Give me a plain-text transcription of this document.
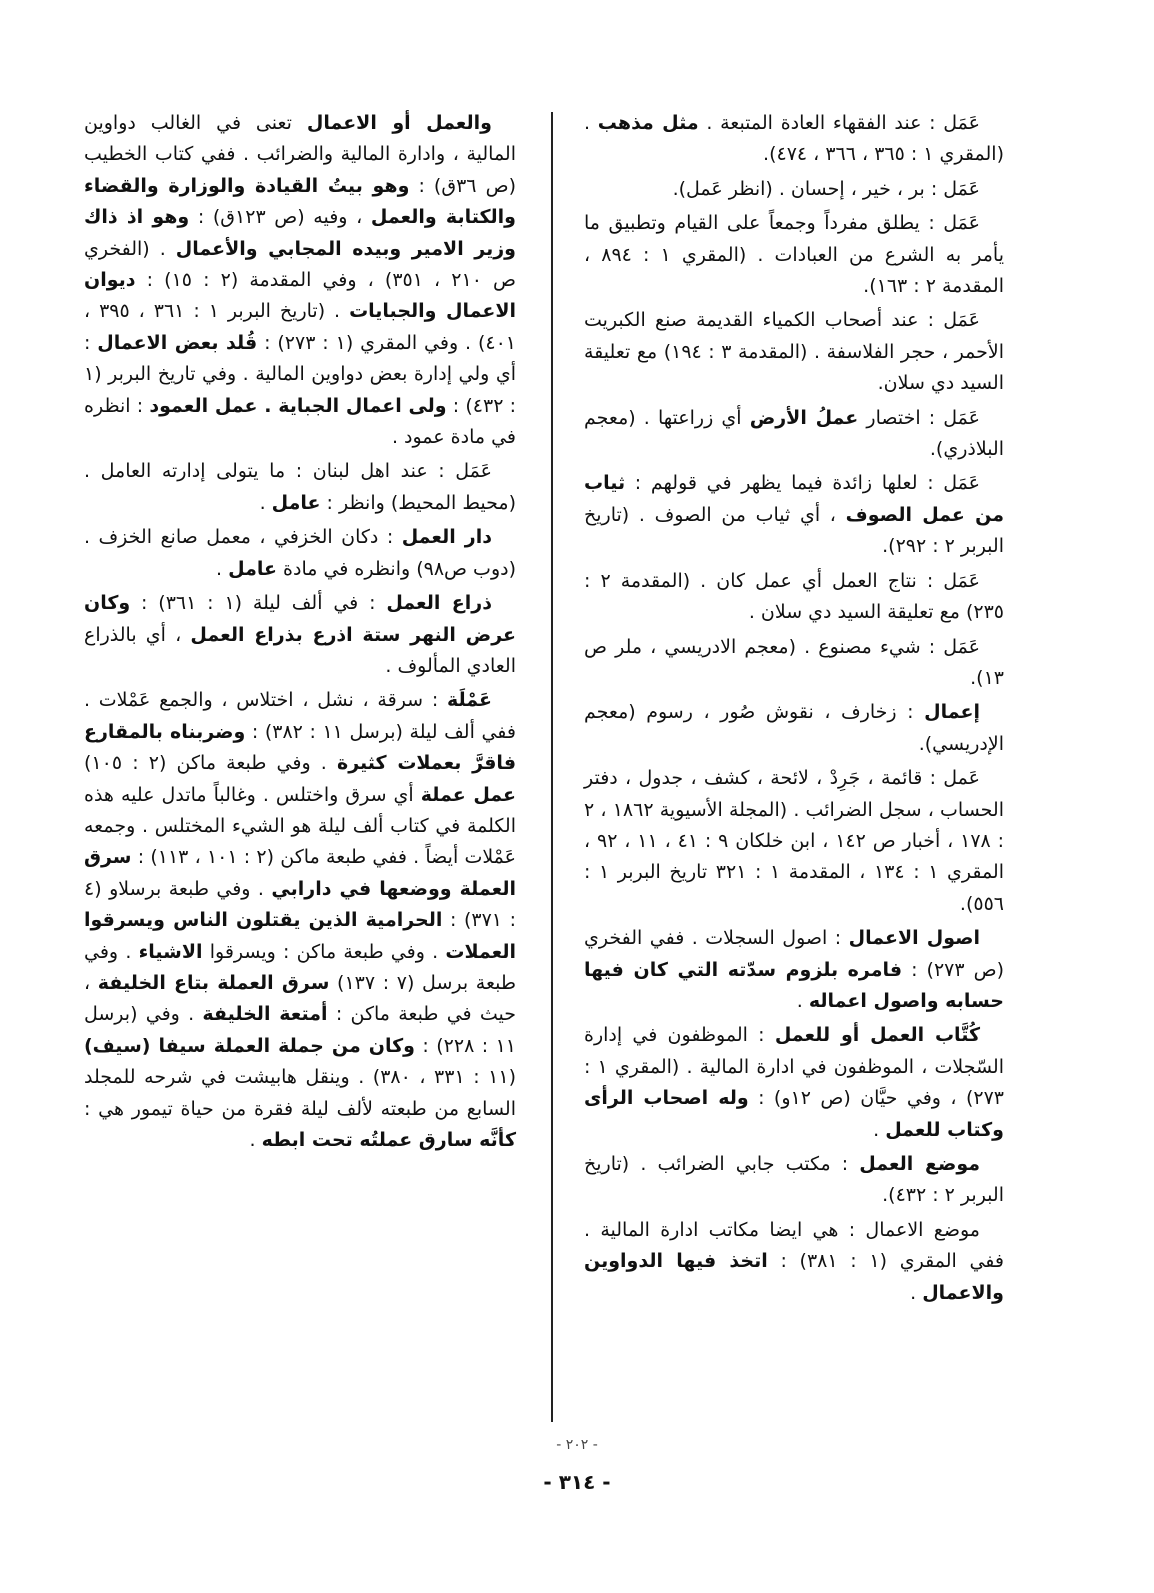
عَمَل : عند الفقهاء العادة المتبعة . مثل مذهب . (المقري ١ : ٣٦٥ ، ٣٦٦ ، ٤٧٤).

عَمَل : بر ، خير ، إحسان . (انظر عَمل).

عَمَل : يطلق مفرداً وجمعاً على القيام وتطبيق ما يأمر به الشرع من العبادات . (المقري ١ : ٨٩٤ ، المقدمة ٢ : ١٦٣).

عَمَل : عند أصحاب الكمياء القديمة صنع الكبريت الأحمر ، حجر الفلاسفة . (المقدمة ٣ : ١٩٤) مع تعليقة السيد دي سلان.

عَمَل : اختصار عملُ الأرض أي زراعتها . (معجم البلاذري).

عَمَل : لعلها زائدة فيما يظهر في قولهم : ثياب من عمل الصوف ، أي ثياب من الصوف . (تاريخ البربر ٢ : ٢٩٢).

عَمَل : نتاج العمل أي عمل كان . (المقدمة ٢ : ٢٣٥) مع تعليقة السيد دي سلان .

عَمَل : شيء مصنوع . (معجم الادريسي ، ملر ص ١٣).

إعمال : زخارف ، نقوش صُور ، رسوم (معجم الإدريسي).

عَمل : قائمة ، جَرِدْ ، لائحة ، كشف ، جدول ، دفتر الحساب ، سجل الضرائب . (المجلة الأسيوية ١٨٦٢ ، ٢ : ١٧٨ ، أخبار ص ١٤٢ ، ابن خلكان ٩ : ٤١ ، ١١ ، ٩٢ ، المقري ١ : ١٣٤ ، المقدمة ١ : ٣٢١ تاريخ البربر ١ : ٥٥٦).

اصول الاعمال : اصول السجلات . ففي الفخري (ص ٢٧٣) : فامره بلزوم سدّته التي كان فيها حسابه واصول اعماله .

كُتَّاب العمل أو للعمل : الموظفون في إدارة السّجلات ، الموظفون في ادارة المالية . (المقري ١ : ٢٧٣) ، وفي حيَّان (ص ١٢و) : وله اصحاب الرأى وكتاب للعمل .

موضع العمل : مكتب جابي الضرائب . (تاريخ البربر ٢ : ٤٣٢).

موضع الاعمال : هي ايضا مكاتب ادارة المالية . ففي المقري (١ : ٣٨١) : اتخذ فيها الدواوين والاعمال .

والعمل أو الاعمال تعنى في الغالب دواوين المالية ، وادارة المالية والضرائب . ففي كتاب الخطيب (ص ٣٦ق) : وهو بيتُ القيادة والوزارة والقضاء والكتابة والعمل ، وفيه (ص ١٢٣ق) : وهو اذ ذاك وزير الامير وبيده المجابي والأعمال . (الفخري ص ٢١٠ ، ٣٥١) ، وفي المقدمة (٢ : ١٥) : ديوان الاعمال والجبايات . (تاريخ البربر ١ : ٣٦١ ، ٣٩٥ ، ٤٠١) . وفي المقري (١ : ٢٧٣) : قُلد بعض الاعمال : أي ولي إدارة بعض دواوين المالية . وفي تاريخ البربر (١ : ٤٣٢) : ولى اعمال الجباية . عمل العمود : انظره في مادة عمود .

عَمَل : عند اهل لبنان : ما يتولى إدارته العامل . (محيط المحيط) وانظر : عامل .

دار العمل : دكان الخزفي ، معمل صانع الخزف . (دوب ص٩٨) وانظره في مادة عامل .

ذراع العمل : في ألف ليلة (١ : ٣٦١) : وكان عرض النهر ستة اذرع بذراع العمل ، أي بالذراع العادي المألوف .

عَمْلَة : سرقة ، نشل ، اختلاس ، والجمع عَمْلات . ففي ألف ليلة (برسل ١١ : ٣٨٢) : وضربناه بالمقارع فاقرَّ بعملات كثيرة . وفي طبعة ماكن (٢ : ١٠٥) عمل عملة أي سرق واختلس . وغالباً ماتدل عليه هذه الكلمة في كتاب ألف ليلة هو الشيء المختلس . وجمعه عَمْلات أيضاً . ففي طبعة ماكن (٢ : ١٠١ ، ١١٣) : سرق العملة ووضعها في دارابي . وفي طبعة برسلاو (٤ : ٣٧١) : الحرامية الذين يقتلون الناس ويسرقوا العملات . وفي طبعة ماكن : ويسرقوا الاشياء . وفي طبعة برسل (٧ : ١٣٧) سرق العملة بتاع الخليفة ، حيث في طبعة ماكن : أمتعة الخليفة . وفي (برسل ١١ : ٢٢٨) : وكان من جملة العملة سيفا (سيف) (١١ : ٣٣١ ، ٣٨٠) . وينقل هابيشت في شرحه للمجلد السابع من طبعته لألف ليلة فقرة من حياة تيمور هي : كأنَّه سارق عملتُه تحت ابطه .

- ٢٠٢ -
- ٣١٤ -
